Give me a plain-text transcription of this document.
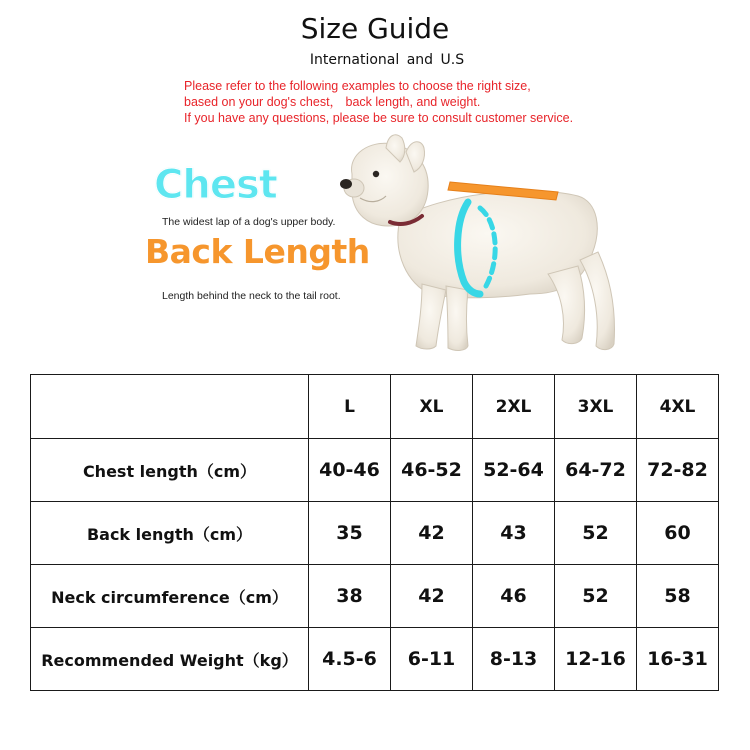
Size Guide
International and U.S
Please refer to the following examples to choose the right size,
based on your dog's chest， back length, and weight.
If you have any questions, please be sure to consult customer service.
Chest
The widest lap of a dog's upper body.
Back Length
Length behind the neck to the tail root.
	L	XL	2XL	3XL	4XL
Chest length（cm）	40-46	46-52	52-64	64-72	72-82
Back length（cm）	35	42	43	52	60
Neck circumference（cm）	38	42	46	52	58
Recommended Weight（kg）	4.5-6	6-11	8-13	12-16	16-31
